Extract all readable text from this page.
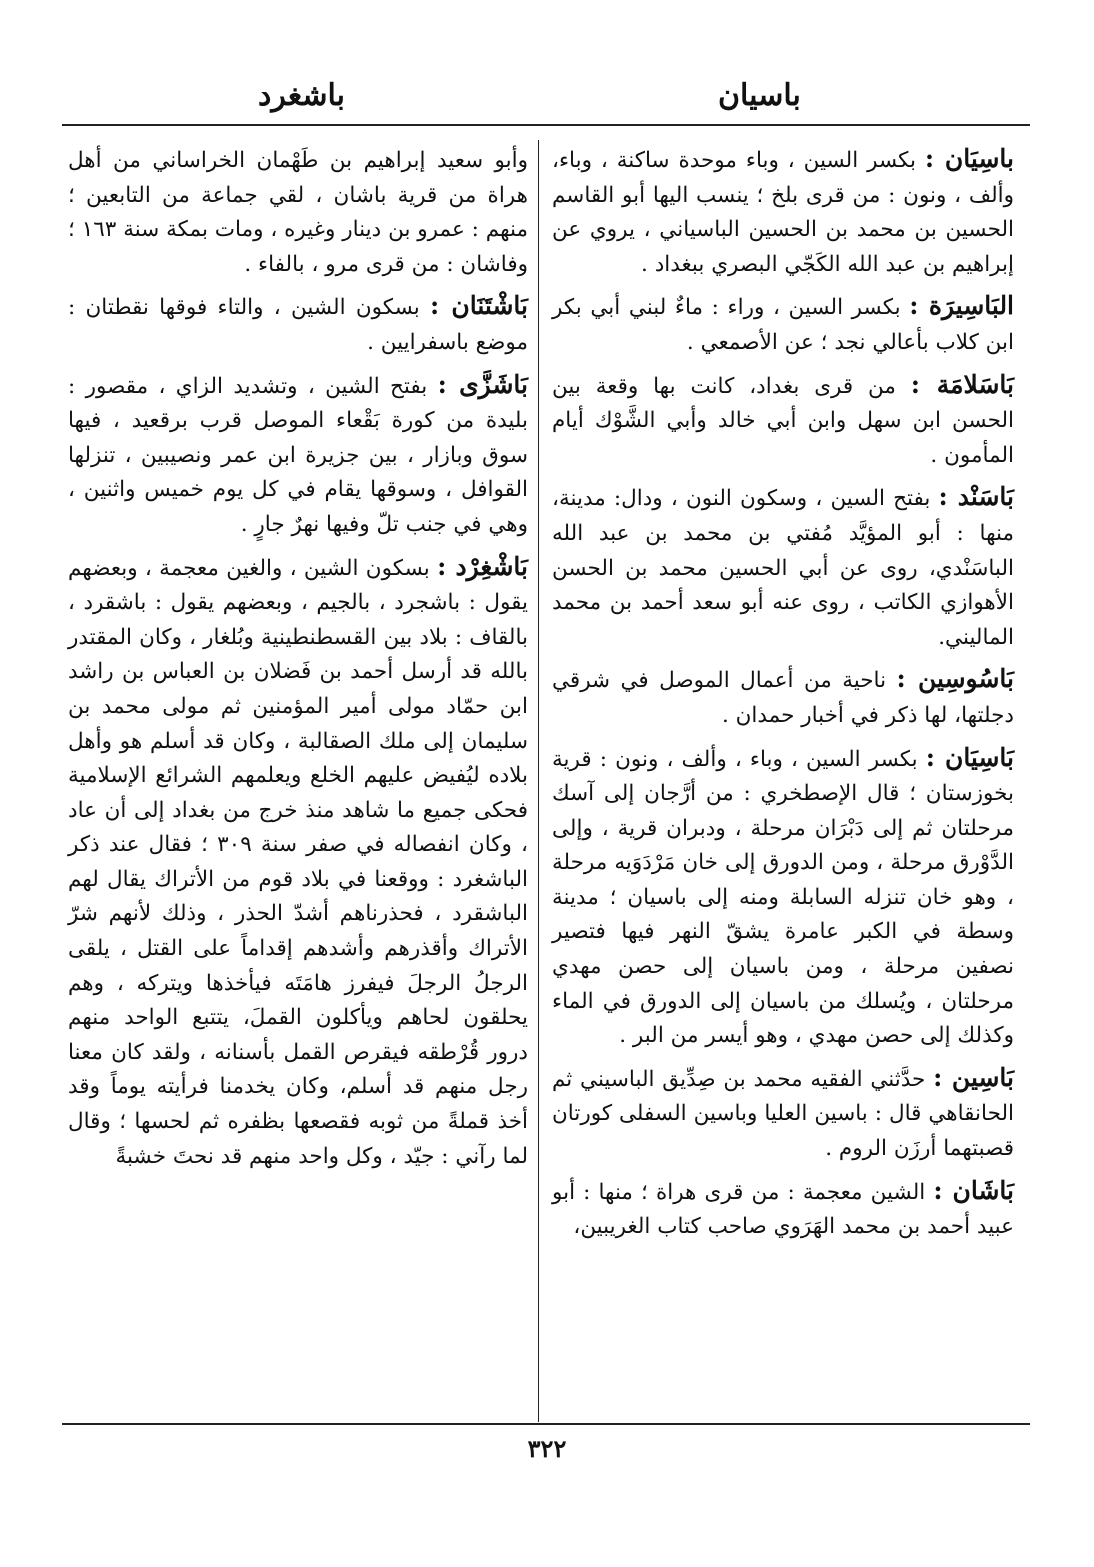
باسيان
باشغرد

باسِيَان : بكسر السين ، وباء موحدة ساكنة ، وباء، وألف ، ونون : من قرى بلخ ؛ ينسب اليها أبو القاسم الحسين بن محمد بن الحسين الباسياني ، يروي عن إبراهيم بن عبد الله الكَجّي البصري ببغداد .

البَاسِيرَة : بكسر السين ، وراء : ماءٌ لبني أبي بكر ابن كلاب بأعالي نجد ؛ عن الأصمعي .

بَاسَلامَة : من قرى بغداد، كانت بها وقعة بين الحسن ابن سهل وابن أبي خالد وأبي الشَّوْك أيام المأمون .

بَاسَنْد : بفتح السين ، وسكون النون ، ودال: مدينة، منها : أبو المؤيَّد مُفتي بن محمد بن عبد الله الباسَنْدي، روى عن أبي الحسين محمد بن الحسن الأهوازي الكاتب ، روى عنه أبو سعد أحمد بن محمد الماليني.

بَاسُوسِين : ناحية من أعمال الموصل في شرقي دجلتها، لها ذكر في أخبار حمدان .

بَاسِيَان : بكسر السين ، وباء ، وألف ، ونون : قرية بخوزستان ؛ قال الإصطخري : من أرَّجان إلى آسك مرحلتان ثم إلى دَبْرَان مرحلة ، ودبران قرية ، وإلى الدَّوْرق مرحلة ، ومن الدورق إلى خان مَرْدَوَيه مرحلة ، وهو خان تنزله السابلة ومنه إلى باسيان ؛ مدينة وسطة في الكبر عامرة يشقّ النهر فيها فتصير نصفين مرحلة ، ومن باسيان إلى حصن مهدي مرحلتان ، ويُسلك من باسيان إلى الدورق في الماء وكذلك إلى حصن مهدي ، وهو أيسر من البر .

بَاسِين : حدَّثني الفقيه محمد بن صِدِّيق الباسيني ثم الحانقاهي قال : باسين العليا وباسين السفلى كورتان قصبتهما أرزَن الروم .

بَاشَان : الشين معجمة : من قرى هراة ؛ منها : أبو عبيد أحمد بن محمد الهَرَوي صاحب كتاب الغريبين،

وأبو سعيد إبراهيم بن طَهْمان الخراساني من أهل هراة من قرية باشان ، لقي جماعة من التابعين ؛ منهم : عمرو بن دينار وغيره ، ومات بمكة سنة ١٦٣ ؛ وفاشان : من قرى مرو ، بالفاء .

بَاشْتَنَان : بسكون الشين ، والتاء فوقها نقطتان : موضع باسفرايين .

بَاشَزَّى : بفتح الشين ، وتشديد الزاي ، مقصور : بليدة من كورة بَقْعاء الموصل قرب برقعيد ، فيها سوق وبازار ، بين جزيرة ابن عمر ونصيبين ، تنزلها القوافل ، وسوقها يقام في كل يوم خميس واثنين ، وهي في جنب تلّ وفيها نهرٌ جارٍ .

بَاشْغِرْد : بسكون الشين ، والغين معجمة ، وبعضهم يقول : باشجرد ، بالجيم ، وبعضهم يقول : باشقرد ، بالقاف : بلاد بين القسطنطينية وبُلغار ، وكان المقتدر بالله قد أرسل أحمد بن فَضلان بن العباس بن راشد ابن حمّاد مولى أمير المؤمنين ثم مولى محمد بن سليمان إلى ملك الصقالبة ، وكان قد أسلم هو وأهل بلاده ليُفيض عليهم الخلع ويعلمهم الشرائع الإسلامية فحكى جميع ما شاهد منذ خرج من بغداد إلى أن عاد ، وكان انفصاله في صفر سنة ٣٠٩ ؛ فقال عند ذكر الباشغرد : ووقعنا في بلاد قوم من الأتراك يقال لهم الباشقرد ، فحذرناهم أشدّ الحذر ، وذلك لأنهم شرّ الأتراك وأقذرهم وأشدهم إقداماً على القتل ، يلقى الرجلُ الرجلَ فيفرز هامَتَه فيأخذها ويتركه ، وهم يحلقون لحاهم ويأكلون القملَ، يتتبع الواحد منهم درور قُرْطقه فيقرص القمل بأسنانه ، ولقد كان معنا رجل منهم قد أسلم، وكان يخدمنا فرأيته يوماً وقد أخذ قملةً من ثوبه فقصعها بظفره ثم لحسها ؛ وقال لما رآني : جيّد ، وكل واحد منهم قد نحتَ خشبةً

٣٢٢
